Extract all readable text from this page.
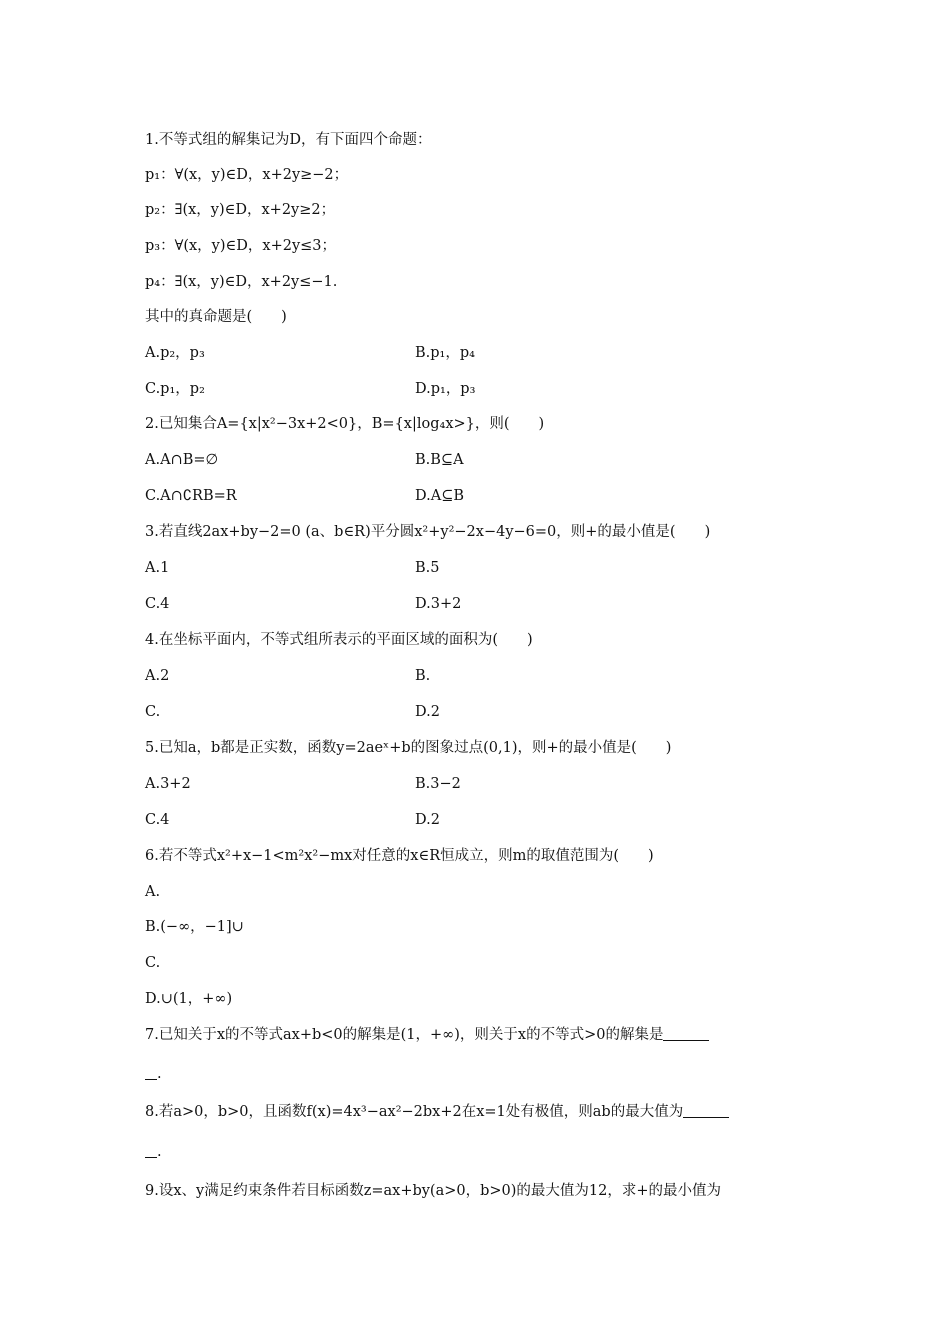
1.不等式组的解集记为D，有下面四个命题：
p₁：∀(x，y)∈D，x+2y≥−2；
p₂：∃(x，y)∈D，x+2y≥2；
p₃：∀(x，y)∈D，x+2y≤3；
p₄：∃(x，y)∈D，x+2y≤−1.
其中的真命题是(　　)
A.p₂，p₃	B.p₁，p₄
C.p₁，p₂	D.p₁，p₃
2.已知集合A={x|x²−3x+2<0}，B={x|log₄x>}，则(　　)
A.A∩B=∅	B.B⊆A
C.A∩∁RB=R	D.A⊆B
3.若直线2ax+by−2=0 (a、b∈R)平分圆x²+y²−2x−4y−6=0，则+的最小值是(　　)
A.1	B.5
C.4	D.3+2
4.在坐标平面内，不等式组所表示的平面区域的面积为(　　)
A.2	B.
C.	D.2
5.已知a，b都是正实数，函数y=2aeˣ+b的图象过点(0,1)，则+的最小值是(　　)
A.3+2	B.3−2
C.4	D.2
6.若不等式x²+x−1<m²x²−mx对任意的x∈R恒成立，则m的取值范围为(　　)
A.
B.(−∞，−1]∪
C.
D.∪(1，+∞)
7.已知关于x的不等式ax+b<0的解集是(1，+∞)，则关于x的不等式>0的解集是
.
8.若a>0，b>0，且函数f(x)=4x³−ax²−2bx+2在x=1处有极值，则ab的最大值为
.
9.设x、y满足约束条件若目标函数z=ax+by(a>0，b>0)的最大值为12，求+的最小值为
